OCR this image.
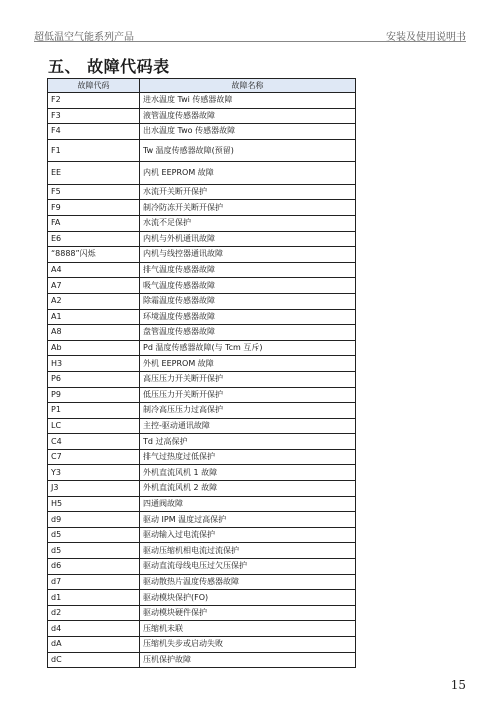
超低温空气能系列产品	安装及使用说明书
五、 故障代码表
故障代码	故障名称
F2	进水温度 Twi 传感器故障
F3	液管温度传感器故障
F4	出水温度 Two 传感器故障
F1	Tw 温度传感器故障(预留)
EE	内机 EEPROM 故障
F5	水流开关断开保护
F9	制冷防冻开关断开保护
FA	水流不足保护
E6	内机与外机通讯故障
“8888”闪烁	内机与线控器通讯故障
A4	排气温度传感器故障
A7	吸气温度传感器故障
A2	除霜温度传感器故障
A1	环境温度传感器故障
A8	盘管温度传感器故障
Ab	Pd 温度传感器故障(与 Tcm 互斥)
H3	外机 EEPROM 故障
P6	高压压力开关断开保护
P9	低压压力开关断开保护
P1	制冷高压压力过高保护
LC	主控-驱动通讯故障
C4	Td 过高保护
C7	排气过热度过低保护
Y3	外机直流风机 1 故障
J3	外机直流风机 2 故障
H5	四通阀故障
d9	驱动 IPM 温度过高保护
d5	驱动输入过电流保护
d5	驱动压缩机相电流过流保护
d6	驱动直流母线电压过欠压保护
d7	驱动散热片温度传感器故障
d1	驱动模块保护(FO)
d2	驱动模块硬件保护
d4	压缩机未联
dA	压缩机失步或启动失败
dC	压机保护故障
15
